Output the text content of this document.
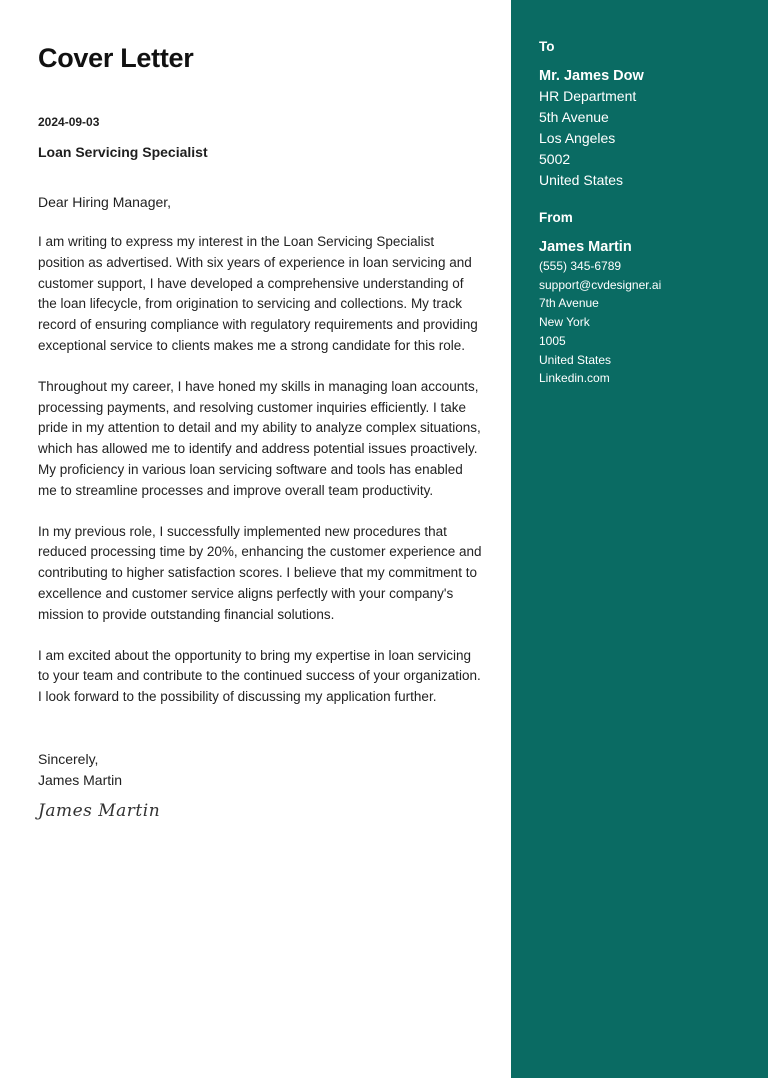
Cover Letter
2024-09-03
Loan Servicing Specialist
Dear Hiring Manager,
I am writing to express my interest in the Loan Servicing Specialist position as advertised. With six years of experience in loan servicing and customer support, I have developed a comprehensive understanding of the loan lifecycle, from origination to servicing and collections. My track record of ensuring compliance with regulatory requirements and providing exceptional service to clients makes me a strong candidate for this role.
Throughout my career, I have honed my skills in managing loan accounts, processing payments, and resolving customer inquiries efficiently. I take pride in my attention to detail and my ability to analyze complex situations, which has allowed me to identify and address potential issues proactively. My proficiency in various loan servicing software and tools has enabled me to streamline processes and improve overall team productivity.
In my previous role, I successfully implemented new procedures that reduced processing time by 20%, enhancing the customer experience and contributing to higher satisfaction scores. I believe that my commitment to excellence and customer service aligns perfectly with your company's mission to provide outstanding financial solutions.
I am excited about the opportunity to bring my expertise in loan servicing to your team and contribute to the continued success of your organization. I look forward to the possibility of discussing my application further.
Sincerely,
James Martin
James Martin
To
Mr. James Dow
HR Department
5th Avenue
Los Angeles
5002
United States
From
James Martin
(555) 345-6789
support@cvdesigner.ai
7th Avenue
New York
1005
United States
Linkedin.com
